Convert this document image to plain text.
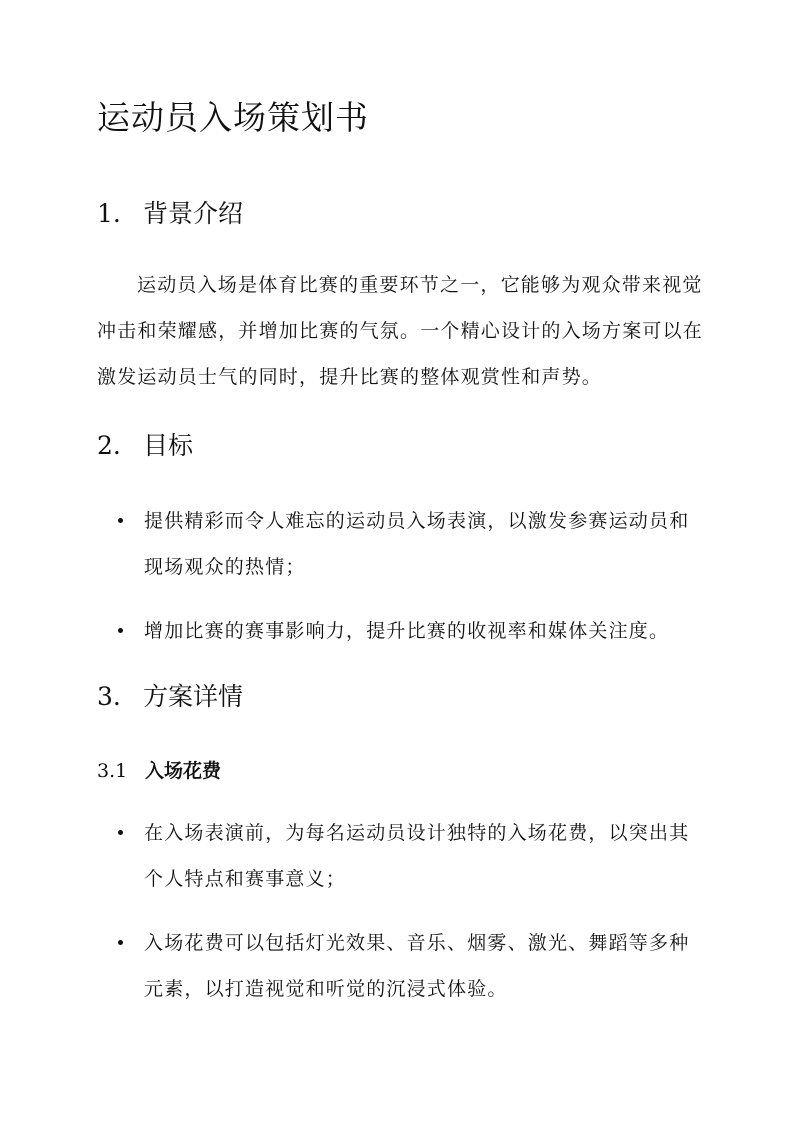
运动员入场策划书
1. 背景介绍

运动员入场是体育比赛的重要环节之一，它能够为观众带来视觉冲击和荣耀感，并增加比赛的气氛。一个精心设计的入场方案可以在激发运动员士气的同时，提升比赛的整体观赏性和声势。

2. 目标
提供精彩而令人难忘的运动员入场表演，以激发参赛运动员和现场观众的热情；
增加比赛的赛事影响力，提升比赛的收视率和媒体关注度。
3. 方案详情
3.1 入场花费
在入场表演前，为每名运动员设计独特的入场花费，以突出其个人特点和赛事意义；
入场花费可以包括灯光效果、音乐、烟雾、激光、舞蹈等多种元素，以打造视觉和听觉的沉浸式体验。
